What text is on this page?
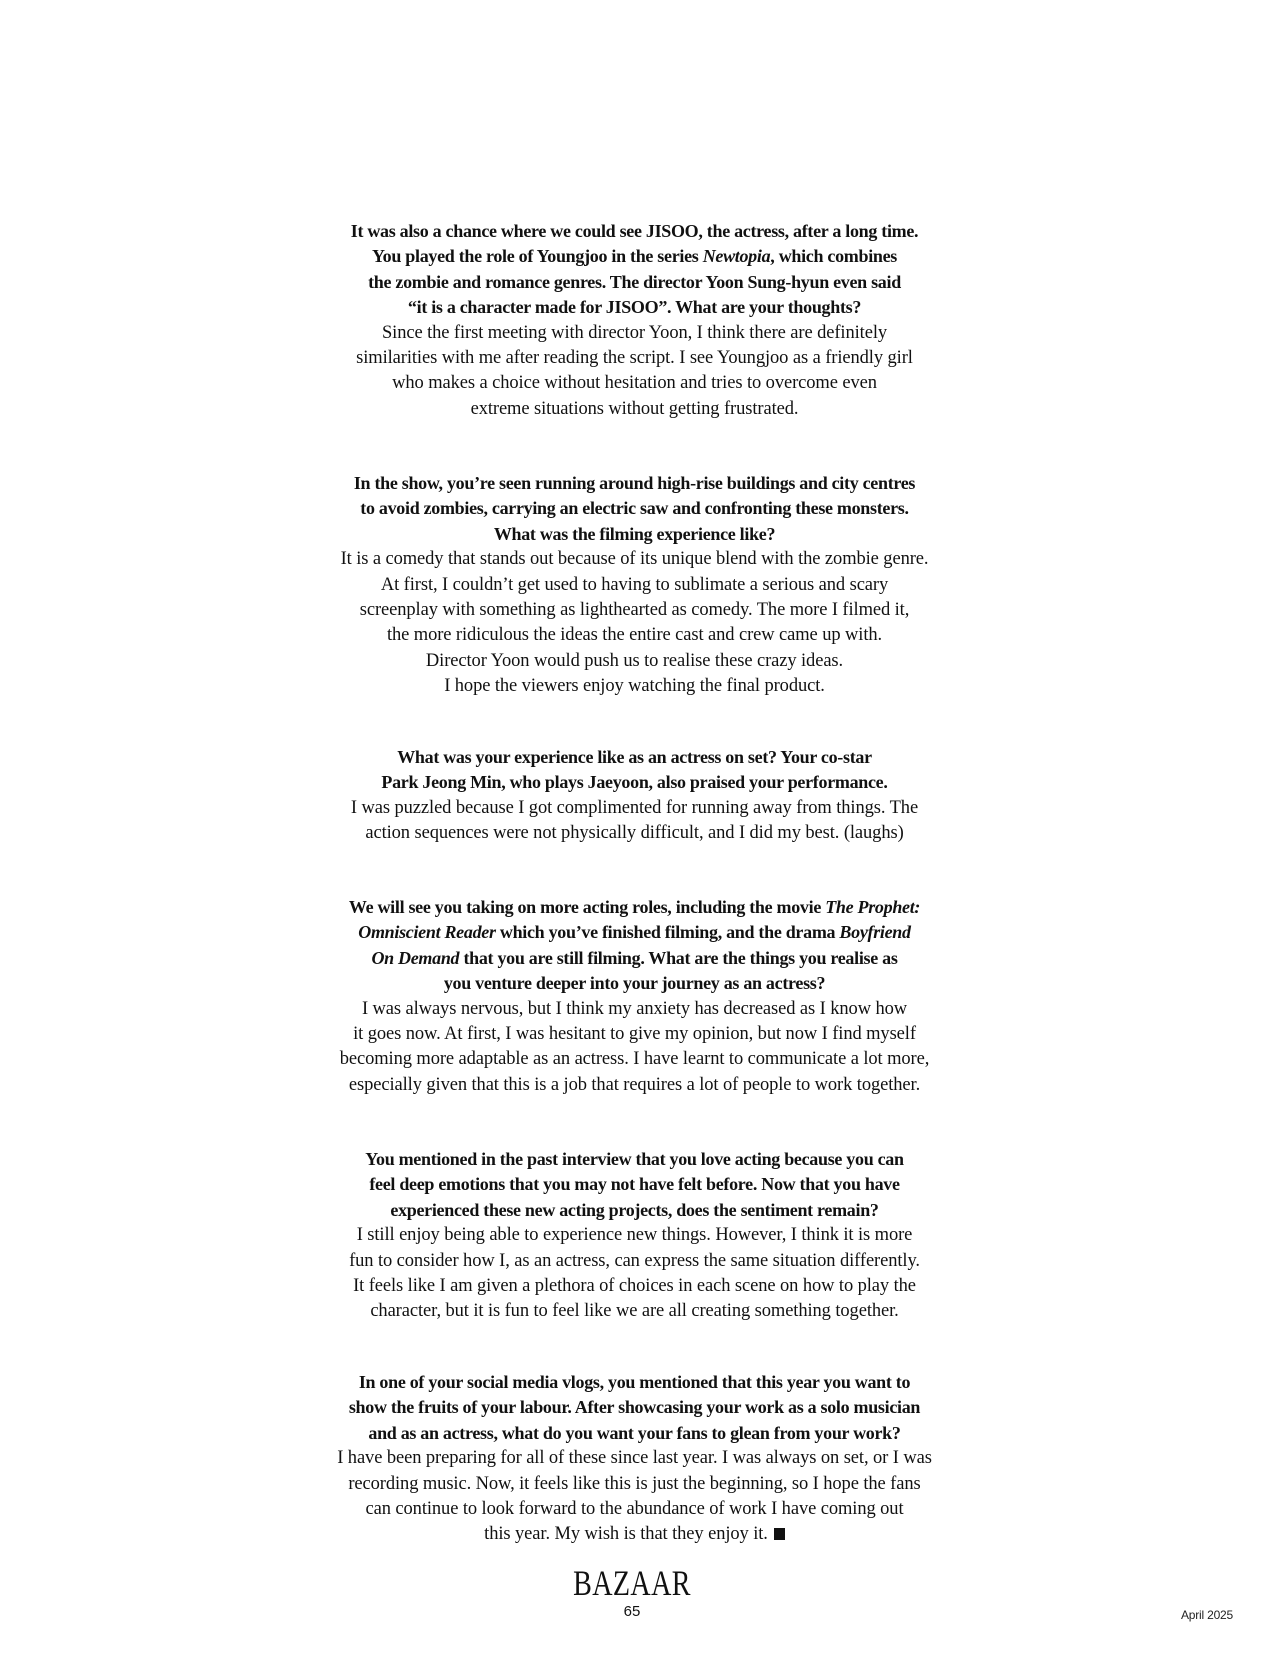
It was also a chance where we could see JISOO, the actress, after a long time.
You played the role of Youngjoo in the series Newtopia, which combines
the zombie and romance genres. The director Yoon Sung-hyun even said
“it is a character made for JISOO”. What are your thoughts?
Since the first meeting with director Yoon, I think there are definitely
similarities with me after reading the script. I see Youngjoo as a friendly girl
who makes a choice without hesitation and tries to overcome even
extreme situations without getting frustrated.
In the show, you’re seen running around high-rise buildings and city centres
to avoid zombies, carrying an electric saw and confronting these monsters.
What was the filming experience like?
It is a comedy that stands out because of its unique blend with the zombie genre.
At first, I couldn’t get used to having to sublimate a serious and scary
screenplay with something as lighthearted as comedy. The more I filmed it,
the more ridiculous the ideas the entire cast and crew came up with.
Director Yoon would push us to realise these crazy ideas.
I hope the viewers enjoy watching the final product.
What was your experience like as an actress on set? Your co-star
Park Jeong Min, who plays Jaeyoon, also praised your performance.
I was puzzled because I got complimented for running away from things. The
action sequences were not physically difficult, and I did my best. (laughs)
We will see you taking on more acting roles, including the movie The Prophet:
Omniscient Reader which you’ve finished filming, and the drama Boyfriend
On Demand that you are still filming. What are the things you realise as
you venture deeper into your journey as an actress?
I was always nervous, but I think my anxiety has decreased as I know how
it goes now. At first, I was hesitant to give my opinion, but now I find myself
becoming more adaptable as an actress. I have learnt to communicate a lot more,
especially given that this is a job that requires a lot of people to work together.
You mentioned in the past interview that you love acting because you can
feel deep emotions that you may not have felt before. Now that you have
experienced these new acting projects, does the sentiment remain?
I still enjoy being able to experience new things. However, I think it is more
fun to consider how I, as an actress, can express the same situation differently.
It feels like I am given a plethora of choices in each scene on how to play the
character, but it is fun to feel like we are all creating something together.
In one of your social media vlogs, you mentioned that this year you want to
show the fruits of your labour. After showcasing your work as a solo musician
and as an actress, what do you want your fans to glean from your work?
I have been preparing for all of these since last year. I was always on set, or I was
recording music. Now, it feels like this is just the beginning, so I hope the fans
can continue to look forward to the abundance of work I have coming out
this year. My wish is that they enjoy it.
BAZAAR
65	April 2025
